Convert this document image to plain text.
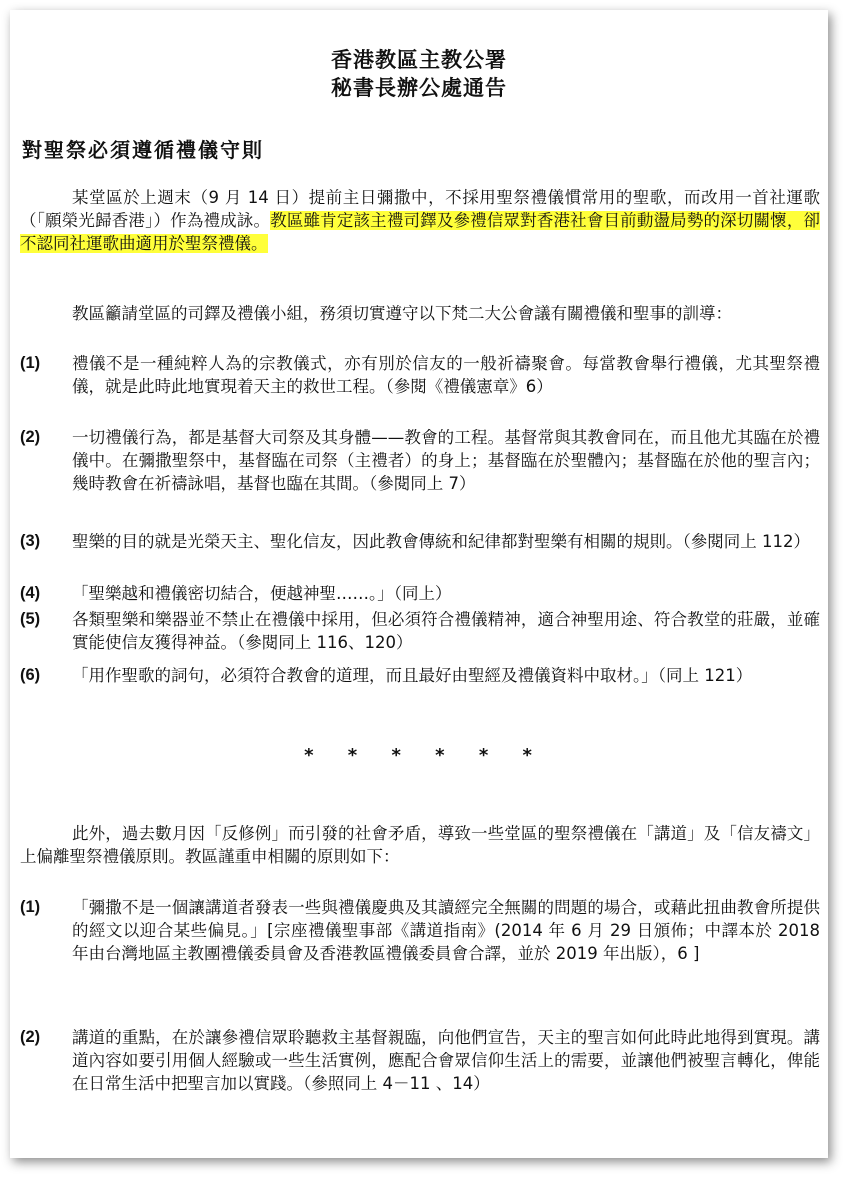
香港教區主教公署
秘書長辦公處通告
對聖祭必須遵循禮儀守則
某堂區於上週末（9 月 14 日）提前主日彌撒中，不採用聖祭禮儀慣常用的聖歌，而改用一首社運歌（「願榮光歸香港」）作為禮成詠。教區雖肯定該主禮司鐸及參禮信眾對香港社會目前動盪局勢的深切關懷，卻不認同社運歌曲適用於聖祭禮儀。
教區籲請堂區的司鐸及禮儀小組，務須切實遵守以下梵二大公會議有關禮儀和聖事的訓導：
(1)	禮儀不是一種純粹人為的宗教儀式，亦有別於信友的一般祈禱聚會。每當教會舉行禮儀，尤其聖祭禮儀，就是此時此地實現着天主的救世工程。（參閱《禮儀憲章》6）
(2)	一切禮儀行為，都是基督大司祭及其身體——教會的工程。基督常與其教會同在，而且他尤其臨在於禮儀中。在彌撒聖祭中，基督臨在司祭（主禮者）的身上；基督臨在於聖體內；基督臨在於他的聖言內；幾時教會在祈禱詠唱，基督也臨在其間。（參閱同上 7）
(3)	聖樂的目的就是光榮天主、聖化信友，因此教會傳統和紀律都對聖樂有相關的規則。（參閱同上 112）
(4)	「聖樂越和禮儀密切結合，便越神聖……。」（同上）
(5)	各類聖樂和樂器並不禁止在禮儀中採用，但必須符合禮儀精神，適合神聖用途、符合教堂的莊嚴，並確實能使信友獲得神益。（參閱同上 116、120）
(6)	「用作聖歌的詞句，必須符合教會的道理，而且最好由聖經及禮儀資料中取材。」（同上 121）
* * * * * *
此外，過去數月因「反修例」而引發的社會矛盾，導致一些堂區的聖祭禮儀在「講道」及「信友禱文」上偏離聖祭禮儀原則。教區謹重申相關的原則如下：
(1)	「彌撒不是一個讓講道者發表一些與禮儀慶典及其讀經完全無關的問題的場合，或藉此扭曲教會所提供的經文以迎合某些偏見。」[宗座禮儀聖事部《講道指南》(2014 年 6 月 29 日頒佈；中譯本於 2018 年由台灣地區主教團禮儀委員會及香港教區禮儀委員會合譯，並於 2019 年出版），6 ]
(2)	講道的重點，在於讓參禮信眾聆聽救主基督親臨，向他們宣告，天主的聖言如何此時此地得到實現。講道內容如要引用個人經驗或一些生活實例，應配合會眾信仰生活上的需要，並讓他們被聖言轉化，俾能在日常生活中把聖言加以實踐。（參照同上 4－11 、14）
